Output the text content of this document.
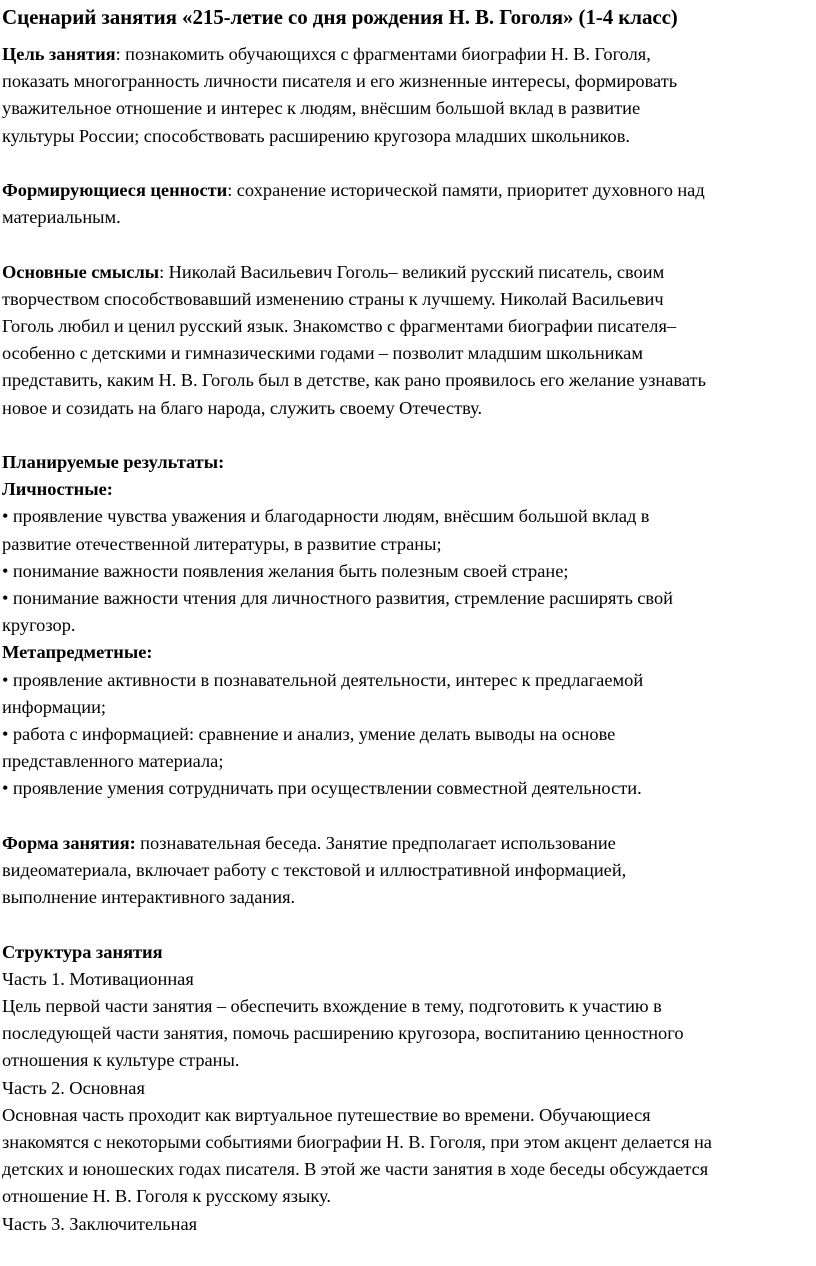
Сценарий занятия «215-летие со дня рождения Н. В. Гоголя» (1-4 класс)

Цель занятия: познакомить обучающихся с фрагментами биографии Н. В. Гоголя,
показать многогранность личности писателя и его жизненные интересы, формировать
уважительное отношение и интерес к людям, внёсшим большой вклад в развитие
культуры России; способствовать расширению кругозора младших школьников.

Формирующиеся ценности: сохранение исторической памяти, приоритет духовного над
материальным.

Основные смыслы: Николай Васильевич Гоголь– великий русский писатель, своим
творчеством способствовавший изменению страны к лучшему. Николай Васильевич
Гоголь любил и ценил русский язык. Знакомство с фрагментами биографии писателя–
особенно с детскими и гимназическими годами – позволит младшим школьникам
представить, каким Н. В. Гоголь был в детстве, как рано проявилось его желание узнавать
новое и созидать на благо народа, служить своему Отечеству.

Планируемые результаты:
Личностные:
• проявление чувства уважения и благодарности людям, внёсшим большой вклад в
развитие отечественной литературы, в развитие страны;
• понимание важности появления желания быть полезным своей стране;
• понимание важности чтения для личностного развития, стремление расширять свой
кругозор.
Метапредметные:
• проявление активности в познавательной деятельности, интерес к предлагаемой
информации;
• работа с информацией: сравнение и анализ, умение делать выводы на основе
представленного материала;
• проявление умения сотрудничать при осуществлении совместной деятельности.

Форма занятия: познавательная беседа. Занятие предполагает использование
видеоматериала, включает работу с текстовой и иллюстративной информацией,
выполнение интерактивного задания.

Структура занятия
Часть 1. Мотивационная
Цель первой части занятия – обеспечить вхождение в тему, подготовить к участию в
последующей части занятия, помочь расширению кругозора, воспитанию ценностного
отношения к культуре страны.
Часть 2. Основная
Основная часть проходит как виртуальное путешествие во времени. Обучающиеся
знакомятся с некоторыми событиями биографии Н. В. Гоголя, при этом акцент делается на
детских и юношеских годах писателя. В этой же части занятия в ходе беседы обсуждается
отношение Н. В. Гоголя к русскому языку.
Часть 3. Заключительная
